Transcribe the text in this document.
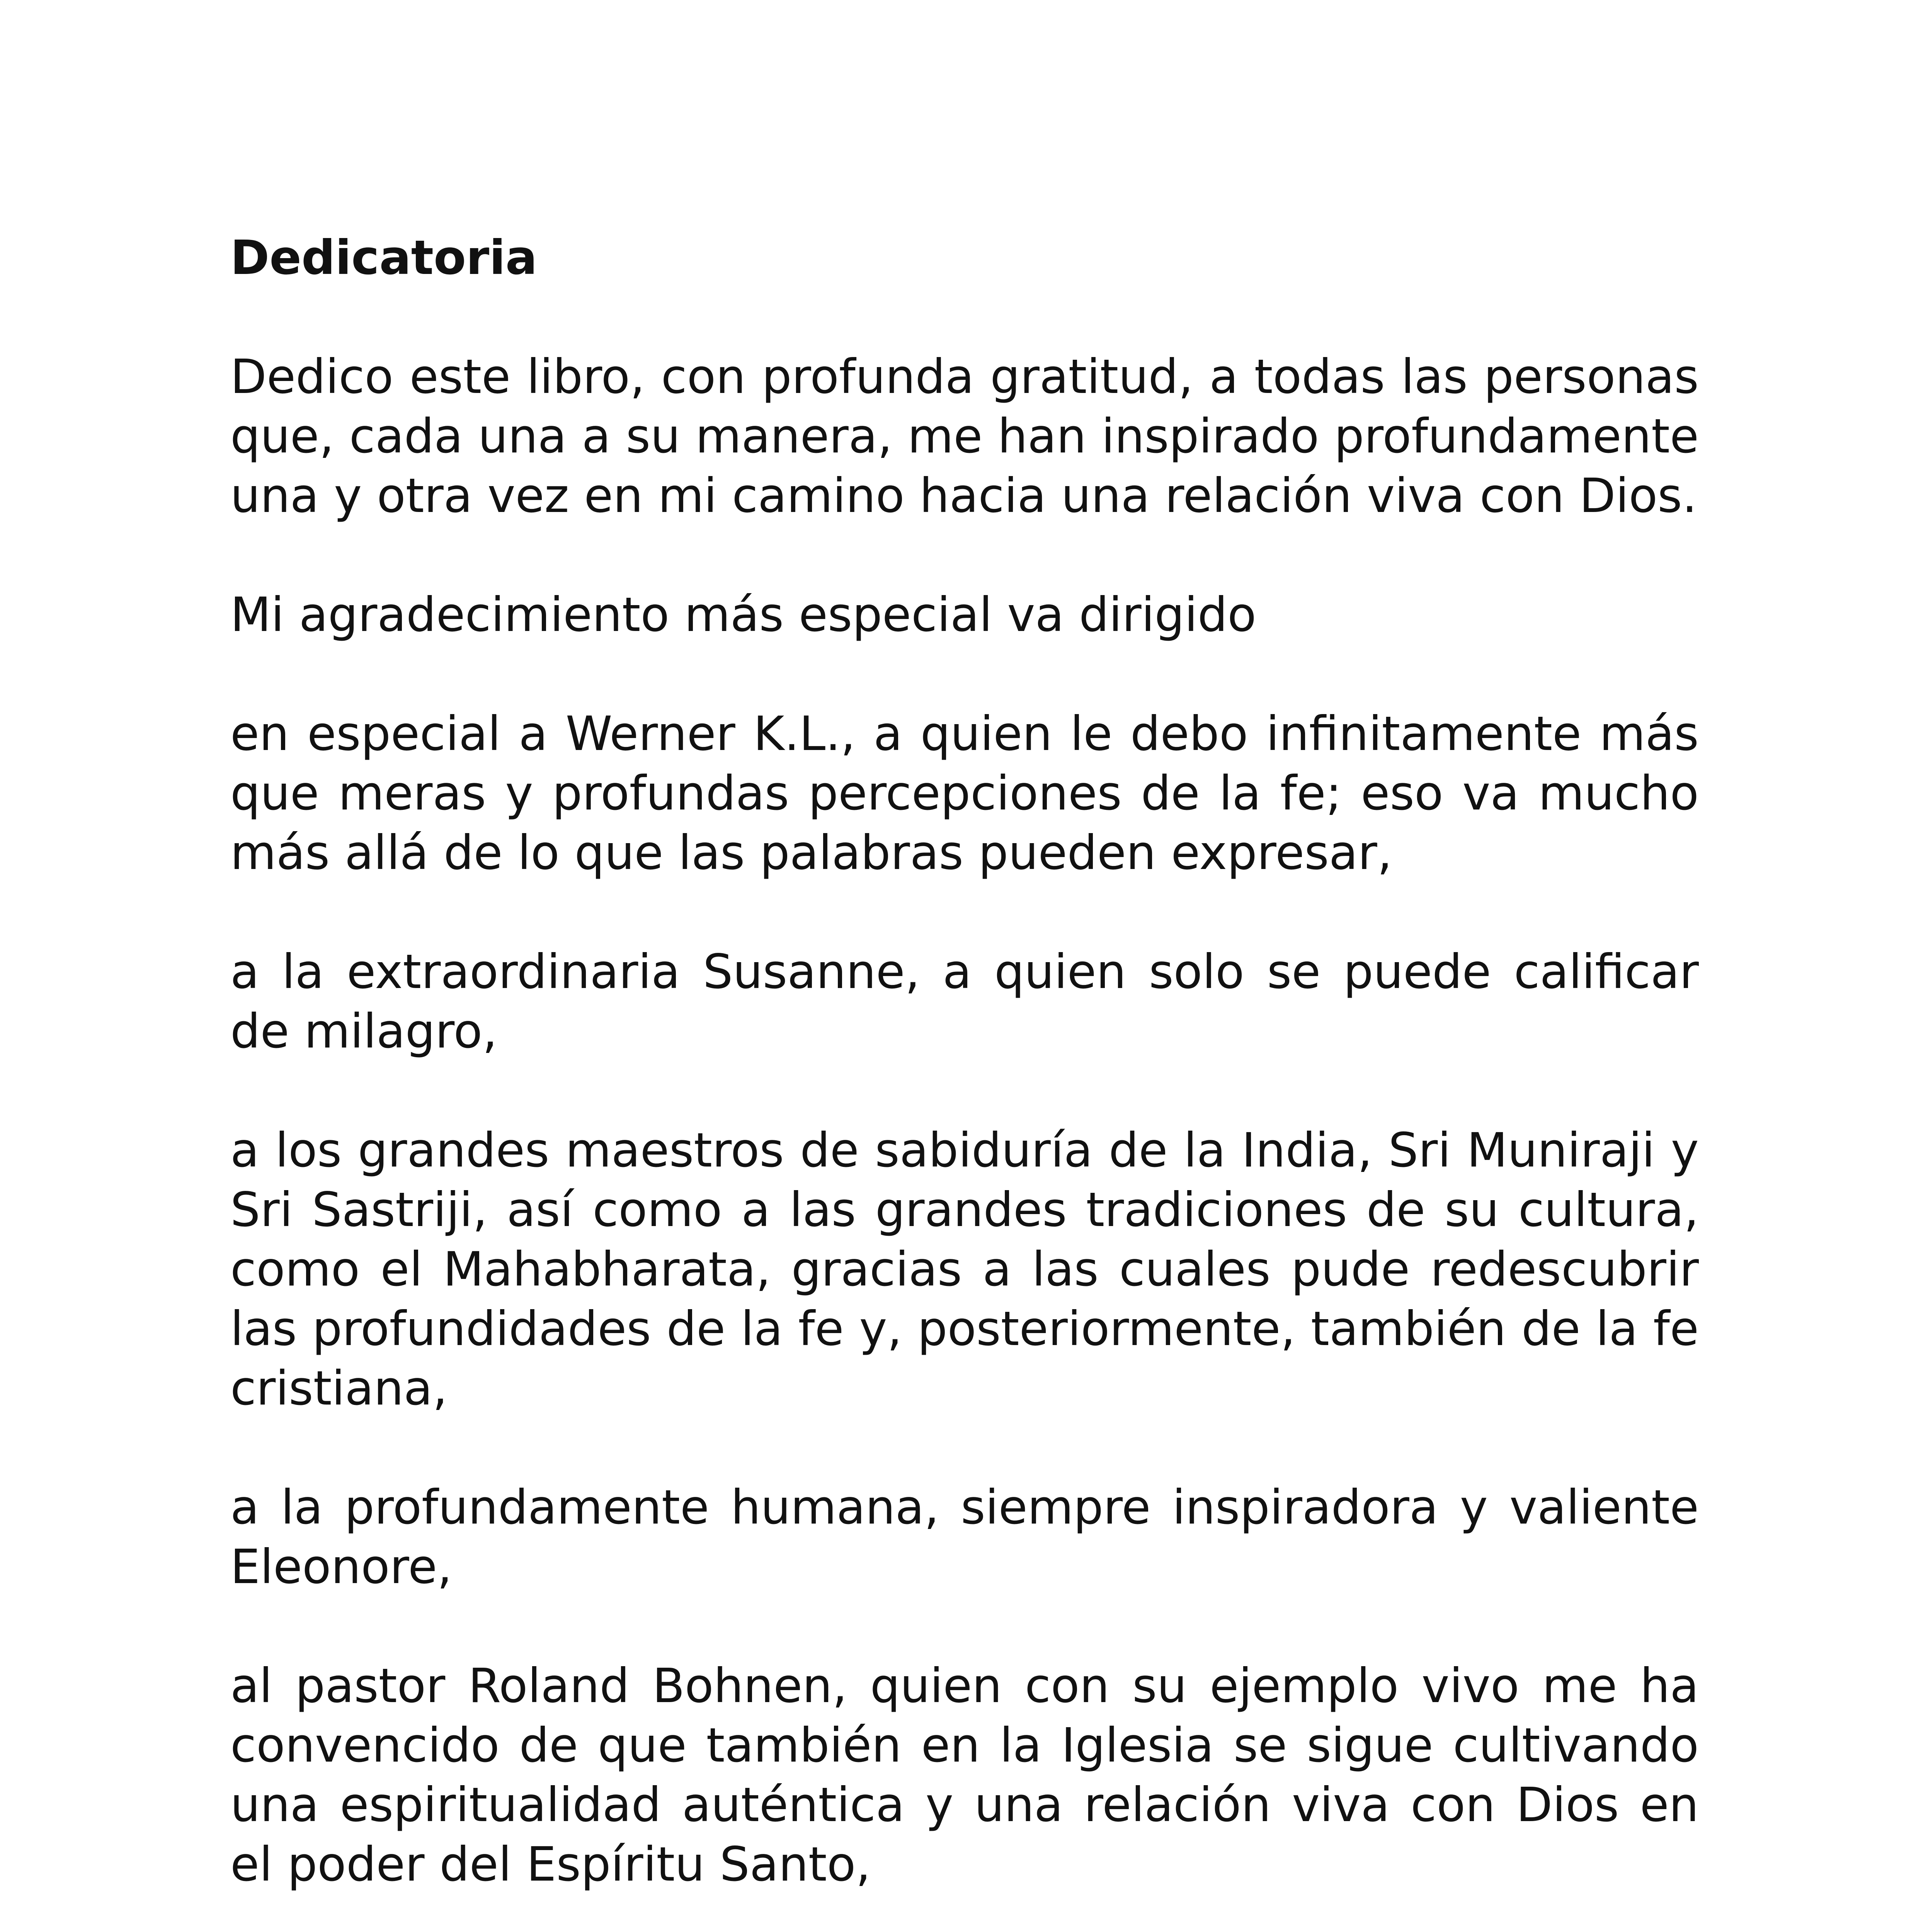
Dedicatoria

Dedico este libro, con profunda gratitud, a todas las personas que, cada una a su manera, me han inspirado profundamente una y otra vez en mi camino hacia una relación viva con Dios.

Mi agradecimiento más especial va dirigido

en especial a Werner K.L., a quien le debo infinitamente más que meras y profundas percepciones de la fe; eso va mucho más allá de lo que las palabras pueden expresar,

a la extraordinaria Susanne, a quien solo se puede calificar de milagro,

a los grandes maestros de sabiduría de la India, Sri Muniraji y Sri Sastriji, así como a las grandes tradiciones de su cultura, como el Mahabharata, gracias a las cuales pude redescubrir las profundidades de la fe y, posteriormente, también de la fe cristiana,

a la profundamente humana, siempre inspiradora y valiente Eleonore,

al pastor Roland Bohnen, quien con su ejemplo vivo me ha convencido de que también en la Iglesia se sigue cultivando una espiritualidad auténtica y una relación viva con Dios en el poder del Espíritu Santo,
